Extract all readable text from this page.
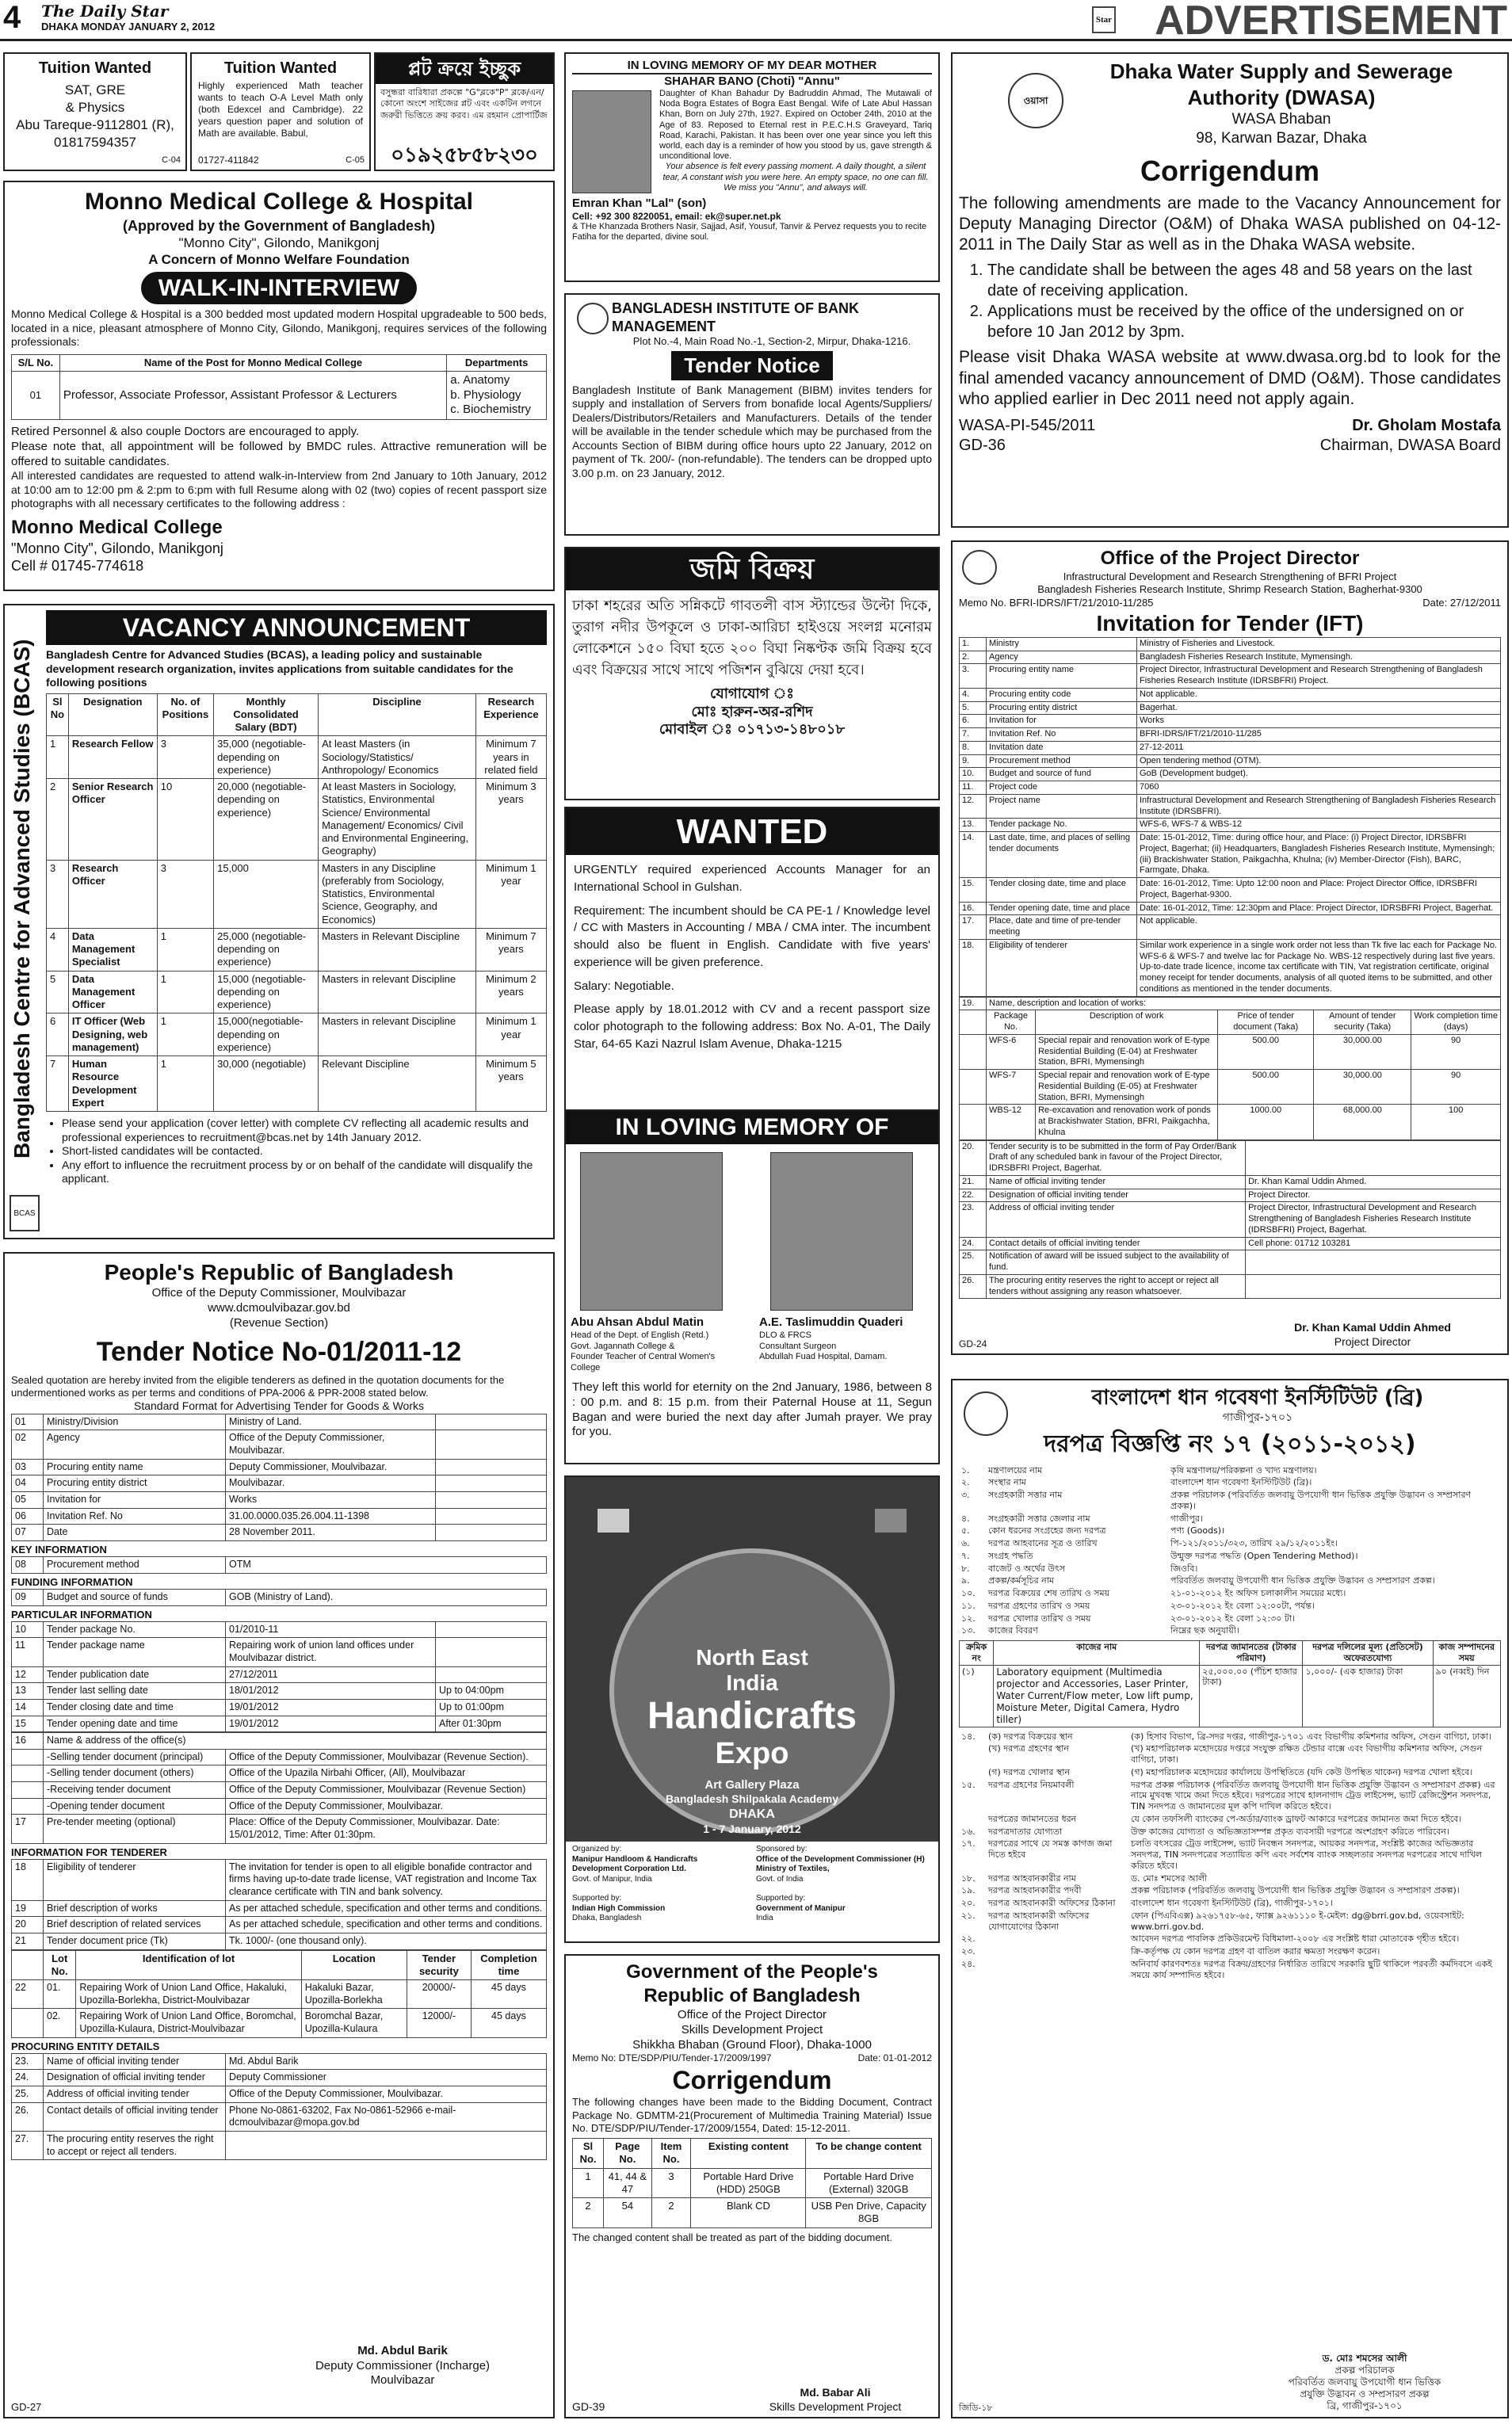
4 The Daily Star
DHAKA MONDAY JANUARY 2, 2012
Star ADVERTISEMENT
Tuition Wanted
SAT, GRE
& Physics
Abu Tareque-9112801 (R),
01817594357
C-04
Tuition Wanted
Highly experienced Math teacher wants to teach O-A Level Math only (both Edexcel and Cambridge). 22 years question paper and solution of Math are available. Babul,
01727-411842	C-05
প্লট ক্রয়ে ইচ্ছুক
বসুন্ধরা বারিধারা প্রকল্পে "G"ব্লকে"P" ব্লকে/এন/ কোনো অংশে সাইজের প্লট এবং একটিন লগনে জরুরী ভিত্তিতে ক্রয় করব। এম রহমান প্রোপার্টিজ
০১৯২৫৮৫৮২৩০
Monno Medical College & Hospital
(Approved by the Government of Bangladesh)
"Monno City", Gilondo, Manikgonj
A Concern of Monno Welfare Foundation
WALK-IN-INTERVIEW
Monno Medical College & Hospital is a 300 bedded most updated modern Hospital upgradeable to 500 beds, located in a nice, pleasant atmosphere of Monno City, Gilondo, Manikgonj, requires services of the following professionals:
S/L No.	Name of the Post for Monno Medical College	Departments
01	Professor, Associate Professor, Assistant Professor & Lecturers	a. Anatomy
b. Physiology
c. Biochemistry
Retired Personnel & also couple Doctors are encouraged to apply.
Please note that, all appointment will be followed by BMDC rules. Attractive remuneration will be offered to suitable candidates.
All interested candidates are requested to attend walk-in-Interview from 2nd January to 10th January, 2012 at 10:00 am to 12:00 pm & 2:pm to 6:pm with full Resume along with 02 (two) copies of recent passport size photographs with all necessary certificates to the following address :
Monno Medical College
"Monno City", Gilondo, Manikgonj
Cell # 01745-774618
Bangladesh Centre for Advanced Studies (BCAS)
BCAS
VACANCY ANNOUNCEMENT
Bangladesh Centre for Advanced Studies (BCAS), a leading policy and sustainable development research organization, invites applications from suitable candidates for the following positions
Sl No	Designation	No. of Positions	Monthly Consolidated Salary (BDT)	Discipline	Research Experience
1	Research Fellow	3	35,000 (negotiable-depending on experience)	At least Masters (in Sociology/Statistics/ Anthropology/ Economics	Minimum 7 years in related field
2	Senior Research Officer	10	20,000 (negotiable-depending on experience)	At least Masters in Sociology, Statistics, Environmental Science/ Environmental Management/ Economics/ Civil and Environmental Engineering, Geography)	Minimum 3 years
3	Research Officer	3	15,000	Masters in any Discipline (preferably from Sociology, Statistics, Environmental Science, Geography, and Economics)	Minimum 1 year
4	Data Management Specialist	1	25,000 (negotiable-depending on experience)	Masters in Relevant Discipline	Minimum 7 years
5	Data Management Officer	1	15,000 (negotiable-depending on experience)	Masters in relevant Discipline	Minimum 2 years
6	IT Officer (Web Designing, web management)	1	15,000(negotiable-depending on experience)	Masters in relevant Discipline	Minimum 1 year
7	Human Resource Development Expert	1	30,000 (negotiable)	Relevant Discipline	Minimum 5 years
• Please send your application (cover letter) with complete CV reflecting all academic results and professional experiences to recruitment@bcas.net by 14th January 2012.
• Short-listed candidates will be contacted.
• Any effort to influence the recruitment process by or on behalf of the candidate will disqualify the applicant.
People's Republic of Bangladesh
Office of the Deputy Commissioner, Moulvibazar
www.dcmoulvibazar.gov.bd
(Revenue Section)
Tender Notice No-01/2011-12
Sealed quotation are hereby invited from the eligible tenderers as defined in the quotation documents for the undermentioned works as per terms and conditions of PPA-2006 & PPR-2008 stated below.
Standard Format for Advertising Tender for Goods & Works
01	Ministry/Division	Ministry of Land.	
02	Agency	Office of the Deputy Commissioner, Moulvibazar.	
03	Procuring entity name	Deputy Commissioner, Moulvibazar.	
04	Procuring entity district	Moulvibazar.	
05	Invitation for	Works	
06	Invitation Ref. No	31.00.0000.035.26.004.11-1398	
07	Date	28 November 2011.	
KEY INFORMATION
08	Procurement method	OTM
FUNDING INFORMATION
09	Budget and source of funds	GOB (Ministry of Land).
PARTICULAR INFORMATION
10	Tender package No.	01/2010-11	
11	Tender package name	Repairing work of union land offices under Moulvibazar district.	
12	Tender publication date	27/12/2011	
13	Tender last selling date	18/01/2012	Up to 04:00pm
14	Tender closing date and time	19/01/2012	Up to 01:00pm
15	Tender opening date and time	19/01/2012	After 01:30pm
16	Name & address of the office(s)	
	-Selling tender document (principal)	Office of the Deputy Commissioner, Moulvibazar (Revenue Section).
	-Selling tender document (others)	Office of the Upazila Nirbahi Officer, (All), Moulvibazar
	-Receiving tender document	Office of the Deputy Commissioner, Moulvibazar (Revenue Section)
	-Opening tender document	Office of the Deputy Commissioner, Moulvibazar.
17	Pre-tender meeting (optional)	Place: Office of the Deputy Commissioner, Moulvibazar. Date: 15/01/2012, Time: After 01:30pm.
INFORMATION FOR TENDERER
18	Eligibility of tenderer	The invitation for tender is open to all eligible bonafide contractor and firms having up-to-date trade license, VAT registration and Income Tax clearance certificate with TIN and bank solvency.
19	Brief description of works	As per attached schedule, specification and other terms and conditions.
20	Brief description of related services	As per attached schedule, specification and other terms and conditions.
21	Tender document price (Tk)	Tk. 1000/- (one thousand only).
	Lot No.	Identification of lot	Location	Tender security	Completion time
22	01.	Repairing Work of Union Land Office, Hakaluki, Upozilla-Borlekha, District-Moulvibazar	Hakaluki Bazar, Upozilla-Borlekha	20000/-	45 days
	02.	Repairing Work of Union Land Office, Boromchal, Upozilla-Kulaura, District-Moulvibazar	Boromchal Bazar, Upozilla-Kulaura	12000/-	45 days
PROCURING ENTITY DETAILS
23.	Name of official inviting tender	Md. Abdul Barik
24.	Designation of official inviting tender	Deputy Commissioner
25.	Address of official inviting tender	Office of the Deputy Commissioner, Moulvibazar.
26.	Contact details of official inviting tender	Phone No-0861-63202, Fax No-0861-52966 e-mail-dcmoulvibazar@mopa.gov.bd
27.	The procuring entity reserves the right to accept or reject all tenders.	
Md. Abdul Barik
Deputy Commissioner (Incharge)
Moulvibazar
GD-27
IN LOVING MEMORY OF MY DEAR MOTHER
SHAHAR BANO (Choti) "Annu"
Daughter of Khan Bahadur Dy Badruddin Ahmad, The Mutawali of Noda Bogra Estates of Bogra East Bengal. Wife of Late Abul Hassan Khan, Born on July 27th, 1927. Expired on October 24th, 2010 at the Age of 83. Reposed to Eternal rest in P.E.C.H.S Graveyard, Tariq Road, Karachi, Pakistan. It has been over one year since you left this world, each day is a reminder of how you stood by us, gave strength & unconditional love.
Your absence is felt every passing moment. A daily thought, a silent tear, A constant wish you were here. An empty space, no one can fill. We miss you "Annu", and always will.
Emran Khan "Lal" (son)
Cell: +92 300 8220051, email: ek@super.net.pk
& THe Khanzada Brothers Nasir, Sajjad, Asif, Yousuf, Tanvir & Pervez requests you to recite Fatiha for the departed, divine soul.
BANGLADESH INSTITUTE OF BANK MANAGEMENT
Plot No.-4, Main Road No.-1, Section-2, Mirpur, Dhaka-1216.
Tender Notice
Bangladesh Institute of Bank Management (BIBM) invites tenders for supply and installation of Servers from bonafide local Agents/Suppliers/ Dealers/Distributors/Retailers and Manufacturers. Details of the tender will be available in the tender schedule which may be purchased from the Accounts Section of BIBM during office hours upto 22 January, 2012 on payment of Tk. 200/- (non-refundable). The tenders can be dropped upto 3.00 p.m. on 23 January, 2012.
জমি বিক্রয়
ঢাকা শহরের অতি সন্নিকটে গাবতলী বাস স্ট্যান্ডের উল্টো দিকে, তুরাগ নদীর উপকূলে ও ঢাকা-আরিচা হাইওয়ে সংলগ্ন মনোরম লোকেশনে ১৫০ বিঘা হতে ২০০ বিঘা নিষ্কণ্টক জমি বিক্রয় হবে এবং বিক্রয়ের সাথে সাথে পজিশন বুঝিয়ে দেয়া হবে।
যোগাযোগ ঃ
মোঃ হারুন-অর-রশিদ
মোবাইল ঃ ০১৭১৩-১৪৮০১৮
WANTED

URGENTLY required experienced Accounts Manager for an International School in Gulshan.

Requirement: The incumbent should be CA PE-1 / Knowledge level / CC with Masters in Accounting / MBA / CMA inter. The incumbent should also be fluent in English. Candidate with five years' experience will be given preference.

Salary: Negotiable.

Please apply by 18.01.2012 with CV and a recent passport size color photograph to the following address: Box No. A-01, The Daily Star, 64-65 Kazi Nazrul Islam Avenue, Dhaka-1215

IN LOVING MEMORY OF
Abu Ahsan Abdul Matin
Head of the Dept. of English (Retd.)
Govt. Jagannath College &
Founder Teacher of Central Women's College
A.E. Taslimuddin Quaderi
DLO & FRCS
Consultant Surgeon
Abdullah Fuad Hospital, Damam.
They left this world for eternity on the 2nd January, 1986, between 8 : 00 p.m. and 8: 15 p.m. from their Paternal House at 11, Segun Bagan and were buried the next day after Jumah prayer. We pray for you.
North East
India
Handicrafts
Expo
Art Gallery Plaza
Bangladesh Shilpakala Academy
DHAKA
1 - 7 January, 2012
Organized by:
Manipur Handloom & Handicrafts Development Corporation Ltd.
Govt. of Manipur, India
Sponsored by:
Office of the Development Commissioner (H) Ministry of Textiles,
Govt. of India
Supported by:
Indian High Commission
Dhaka, Bangladesh
Supported by:
Government of Manipur
India
Government of the People's
Republic of Bangladesh
Office of the Project Director
Skills Development Project
Shikkha Bhaban (Ground Floor), Dhaka-1000
Memo No: DTE/SDP/PIU/Tender-17/2009/1997	Date: 01-01-2012
Corrigendum
The following changes have been made to the Bidding Document, Contract Package No. GDMTM-21(Procurement of Multimedia Training Material) Issue No. DTE/SDP/PIU/Tender-17/2009/1554, Dated: 15-12-2011.
Sl No.	Page No.	Item No.	Existing content	To be change content
1	41, 44 & 47	3	Portable Hard Drive (HDD) 250GB	Portable Hard Drive (External) 320GB
2	54	2	Blank CD	USB Pen Drive, Capacity 8GB
The changed content shall be treated as part of the bidding document.
Md. Babar Ali
Skills Development Project
GD-39
ওয়াসা
Dhaka Water Supply and Sewerage Authority (DWASA)
WASA Bhaban
98, Karwan Bazar, Dhaka
Corrigendum
The following amendments are made to the Vacancy Announcement for Deputy Managing Director (O&M) of Dhaka WASA published on 04-12-2011 in The Daily Star as well as in the Dhaka WASA website.
1. The candidate shall be between the ages 48 and 58 years on the last date of receiving application.
2. Applications must be received by the office of the undersigned on or before 10 Jan 2012 by 3pm.
Please visit Dhaka WASA website at www.dwasa.org.bd to look for the final amended vacancy announcement of DMD (O&M). Those candidates who applied earlier in Dec 2011 need not apply again.
WASA-PI-545/2011	Dr. Gholam Mostafa
GD-36	Chairman, DWASA Board
Office of the Project Director
Infrastructural Development and Research Strengthening of BFRI Project
Bangladesh Fisheries Research Institute, Shrimp Research Station, Bagherhat-9300
Memo No. BFRI-IDRS/IFT/21/2010-11/285	Date: 27/12/2011
Invitation for Tender (IFT)
1.	Ministry	Ministry of Fisheries and Livestock.
2.	Agency	Bangladesh Fisheries Research Institute, Mymensingh.
3.	Procuring entity name	Project Director, Infrastructural Development and Research Strengthening of Bangladesh Fisheries Research Institute (IDRSBFRI) Project.
4.	Procuring entity code	Not applicable.
5.	Procuring entity district	Bagerhat.
6.	Invitation for	Works
7.	Invitation Ref. No	BFRI-IDRS/IFT/21/2010-11/285
8.	Invitation date	27-12-2011
9.	Procurement method	Open tendering method (OTM).
10.	Budget and source of fund	GoB (Development budget).
11.	Project code	7060
12.	Project name	Infrastructural Development and Research Strengthening of Bangladesh Fisheries Research Institute (IDRSBFRI).
13.	Tender package No.	WFS-6, WFS-7 & WBS-12
14.	Last date, time, and places of selling tender documents	Date: 15-01-2012, Time: during office hour, and Place: (i) Project Director, IDRSBFRI Project, Bagerhat; (ii) Headquarters, Bangladesh Fisheries Research Institute, Mymensingh; (iii) Brackishwater Station, Paikgachha, Khulna; (iv) Member-Director (Fish), BARC, Farmgate, Dhaka.
15.	Tender closing date, time and place	Date: 16-01-2012, Time: Upto 12:00 noon and Place: Project Director Office, IDRSBFRI Project, Bagerhat-9300.
16.	Tender opening date, time and place	Date: 16-01-2012, Time: 12:30pm and Place: Project Director, IDRSBFRI Project, Bagerhat.
17.	Place, date and time of pre-tender meeting	Not applicable.
18.	Eligibility of tenderer	Similar work experience in a single work order not less than Tk five lac each for Package No. WFS-6 & WFS-7 and twelve lac for Package No. WBS-12 respectively during last five years. Up-to-date trade licence, income tax certificate with TIN, Vat registration certificate, original money receipt for tender documents, analysis of all quoted items to be submitted, and other conditions as mentioned in the tender documents.
19.	Name, description and location of works:				
	Package No.	Description of work	Price of tender document (Taka)	Amount of tender security (Taka)	Work completion time (days)
	WFS-6	Special repair and renovation work of E-type Residential Building (E-04) at Freshwater Station, BFRI, Mymensingh	500.00	30,000.00	90
	WFS-7	Special repair and renovation work of E-type Residential Building (E-05) at Freshwater Station, BFRI, Mymensingh	500.00	30,000.00	90
	WBS-12	Re-excavation and renovation work of ponds at Brackishwater Station, BFRI, Paikgachha, Khulna	1000.00	68,000.00	100
20.	Tender security is to be submitted in the form of Pay Order/Bank Draft of any scheduled bank in favour of the Project Director, IDRSBFRI Project, Bagerhat.	
21.	Name of official inviting tender	Dr. Khan Kamal Uddin Ahmed.
22.	Designation of official inviting tender	Project Director.
23.	Address of official inviting tender	Project Director, Infrastructural Development and Research Strengthening of Bangladesh Fisheries Research Institute (IDRSBFRI) Project, Bagerhat.
24.	Contact details of official inviting tender	Cell phone: 01712 103281
25.	Notification of award will be issued subject to the availability of fund.	
26.	The procuring entity reserves the right to accept or reject all tenders without assigning any reason whatsoever.	
Dr. Khan Kamal Uddin Ahmed
Project Director
GD-24
বাংলাদেশ ধান গবেষণা ইনস্টিটিউট (ব্রি)
গাজীপুর-১৭০১
দরপত্র বিজ্ঞপ্তি নং ১৭ (২০১১-২০১২)
১.	মন্ত্রণালয়ের নাম	কৃষি মন্ত্রণালয়/পরিকল্পনা ও খাদ্য মন্ত্রণালয়।
২.	সংস্থার নাম	বাংলাদেশ ধান গবেষণা ইনস্টিটিউট (ব্রি)।
৩.	সংগ্রহকারী সত্তার নাম	প্রকল্প পরিচালক (পরিবর্তিত জলবায়ু উপযোগী ধান ভিত্তিক প্রযুক্তি উদ্ভাবন ও সম্প্রসারণ প্রকল্প)।
৪.	সংগ্রহকারী সত্তার জেলার নাম	গাজীপুর।
৫.	কোন ধরনের সংগ্রহের জন্য দরপত্র	পণ্য (Goods)।
৬.	দরপত্র আহবানের সূত্র ও তারিখ	পি-১২১/২০১১/৩২৩, তারিখ ২৯/১২/২০১১ইং।
৭.	সংগ্রহ পদ্ধতি	উন্মুক্ত দরপত্র পদ্ধতি (Open Tendering Method)।
৮.	বাজেট ও অর্থের উৎস	জিওবি।
৯.	প্রকল্প/কর্মসূচির নাম	পরিবর্তিত জলবায়ু উপযোগী ধান ভিত্তিক প্রযুক্তি উদ্ভাবন ও সম্প্রসারণ প্রকল্প।
১০.	দরপত্র বিক্রয়ের শেষ তারিখ ও সময়	২১-০১-২০১২ ইং অফিস চলাকালীন সময়ের মধ্যে।
১১.	দরপত্র গ্রহণের তারিখ ও সময়	২৩-০১-২০১২ ইং বেলা ১২:০০টা, পর্যন্ত।
১২.	দরপত্র খোলার তারিখ ও সময়	২৩-০১-২০১২ ইং বেলা ১২:৩০ টা।
১৩.	কাজের বিবরণ	নিম্নের ছক অনুযায়ী।
ক্রমিক নং	কাজের নাম	দরপত্র জামানতের (টাকার পরিমাণ)	দরপত্র দলিলের মূল্য (প্রতিসেট) অফেরতযোগ্য	কাজ সম্পাদনের সময়
(১)	Laboratory equipment (Multimedia projector and Accessories, Laser Printer, Water Current/Flow meter, Low lift pump, Moisture Meter, Digital Camera, Hydro tiller)	২৫,০০০.০০ (পঁচিশ হাজার টাকা)	১,০০০/- (এক হাজার) টাকা	৯০ (নব্বই) দিন
১৪.	(ক) দরপত্র বিক্রয়ের স্থান	(ক) হিসাব বিভাগ, ব্রি-সদর দপ্তর, গাজীপুর-১৭০১ এবং বিভাগীয় কমিশনার অফিস, সেগুন বাগিচা, ঢাকা।
	(খ) দরপত্র গ্রহণের স্থান	(খ) মহাপরিচালক মহোদয়ের দপ্তরে সংযুক্ত রক্ষিত টেন্ডার বাক্সে এবং বিভাগীয় কমিশনার অফিস, সেগুন বাগিচা, ঢাকা।
	(গ) দরপত্র খোলার স্থান	(গ) মহাপরিচালক মহোদয়ের কার্যালয়ে উপস্থিতিতে (যদি কেউ উপস্থিত থাকেন) দরপত্র খোলা হইবে।
১৫.	দরপত্র গ্রহণের নিয়মাবলী	দরপত্র প্রকল্প পরিচালক (পরিবর্তিত জলবায়ু উপযোগী ধান ভিত্তিক প্রযুক্তি উদ্ভাবন ও সম্প্রসারণ প্রকল্প) এর নামে মুখবন্ধ খামে জমা দিতে হইবে। দরপত্রের সাথে হালনাগাদ ট্রেড লাইসেন্স, ভ্যাট রেজিস্ট্রেশন সনদপত্র, TIN সনদপত্র ও জামানতের মূল কপি দাখিল করিতে হইবে।
	দরপত্রের জামানতের ধরন	যে কোন তফসিলী ব্যাংকের পে-অর্ডার/ব্যাংক ড্রাফট আকারে দরপত্রের জামানত জমা দিতে হইবে।
১৬.	দরপত্রদাতার যোগ্যতা	উক্ত কাজের যোগ্যতা ও অভিজ্ঞতাসম্পন্ন প্রকৃত ব্যবসায়ী দরপত্রে অংশগ্রহণ করিতে পারিবেন।
১৭.	দরপত্রের সাথে যে সমস্ত কাগজ জমা দিতে হইবে	চলতি বৎসরের ট্রেড লাইসেন্স, ভ্যাট নিবন্ধন সনদপত্র, আয়কর সনদপত্র, সংশ্লিষ্ট কাজের অভিজ্ঞতার সনদপত্র, TIN সনদপত্রের সত্যায়িত কপি এবং সর্বশেষ ব্যাংক সচ্ছলতার সনদপত্র দরপত্রের সাথে দাখিল করিতে হইবে।
১৮.	দরপত্র আহবানকারীর নাম	ড. মোঃ শমসের আলী
১৯.	দরপত্র আহবানকারীর পদবী	প্রকল্প পরিচালক (পরিবর্তিত জলবায়ু উপযোগী ধান ভিত্তিক প্রযুক্তি উদ্ভাবন ও সম্প্রসারণ প্রকল্প)।
২০.	দরপত্র আহবানকারী অফিসের ঠিকানা	বাংলাদেশ ধান গবেষণা ইনস্টিটিউট (ব্রি), গাজীপুর-১৭০১।
২১.	দরপত্র আহবানকারী অফিসের যোগাযোগের ঠিকানা	ফোন (পিএবিএক্স) ৯২৬১৭৫৮-৬৫, ফ্যাক্স ৯২৬১১১০ ই-মেইল: dg@brri.gov.bd, ওয়েবসাইট: www.brri.gov.bd.
২২.		আবেদন দরপত্র পাবলিক প্রকিউরমেন্ট বিধিমালা-২০০৮ এর সংশ্লিষ্ট ধারা মোতাবেক গৃহীত হইবে।
২৩.		ক্রি-কর্তৃপক্ষ যে কোন দরপত্র গ্রহণ বা বাতিল করার ক্ষমতা সংরক্ষণ করেন।
২৪.		অনিবার্য কারণবশতঃ দরপত্র বিক্রয়/গ্রহণের নির্ধারিত তারিখে সরকারি ছুটি থাকিলে পরবর্তী কর্মদিবসে একই সময়ে কার্য সম্পাদিত হইবে।
ড. মোঃ শমসের আলী
প্রকল্প পরিচালক
পরিবর্তিত জলবায়ু উপযোগী ধান ভিত্তিক
প্রযুক্তি উদ্ভাবন ও সম্প্রসারণ প্রকল্প
ব্রি, গাজীপুর-১৭০১
জিডি-১৮
